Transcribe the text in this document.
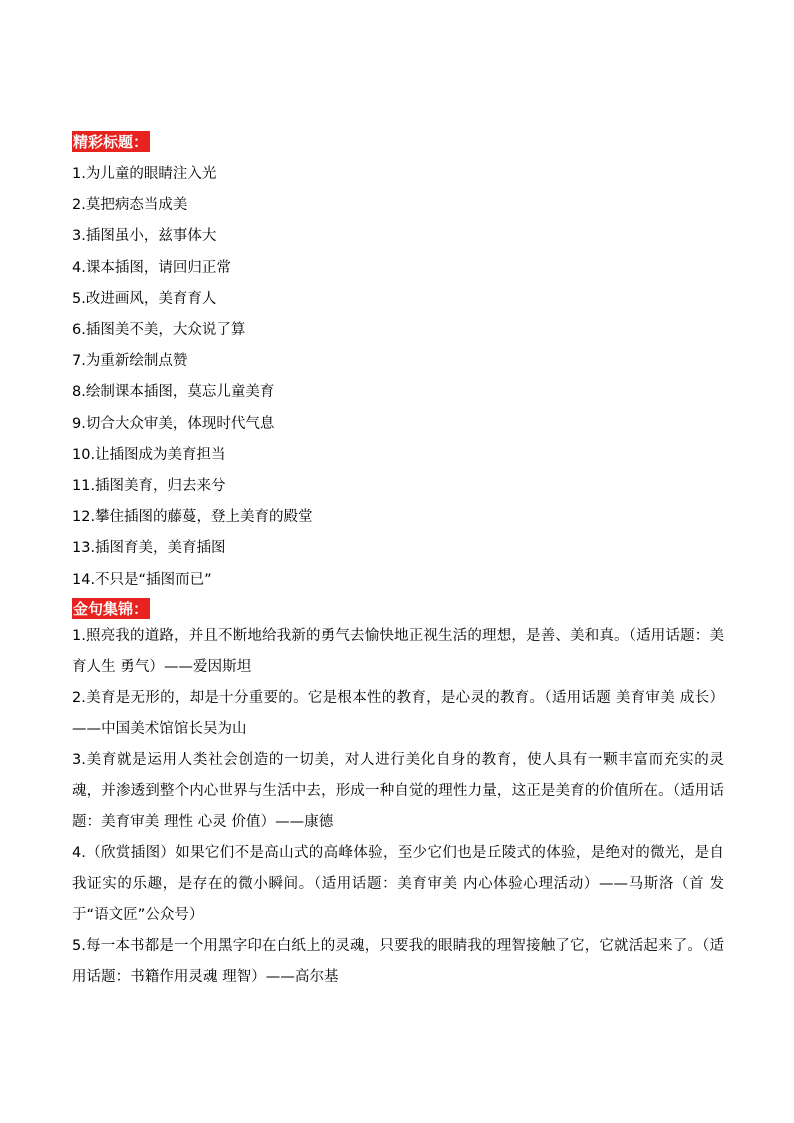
精彩标题：

1.为儿童的眼睛注入光

2.莫把病态当成美

3.插图虽小，兹事体大

4.课本插图，请回归正常

5.改进画风，美育育人

6.插图美不美，大众说了算

7.为重新绘制点赞

8.绘制课本插图，莫忘儿童美育

9.切合大众审美，体现时代气息

10.让插图成为美育担当

11.插图美育，归去来兮

12.攀住插图的藤蔓，登上美育的殿堂

13.插图育美，美育插图

14.不只是“插图而已”

金句集锦：

1.照亮我的道路，并且不断地给我新的勇气去愉快地正视生活的理想，是善、美和真。（适用话题：美育人生 勇气）——爱因斯坦

2.美育是无形的，却是十分重要的。它是根本性的教育，是心灵的教育。（适用话题 美育审美 成长）——中国美术馆馆长吴为山

3.美育就是运用人类社会创造的一切美，对人进行美化自身的教育，使人具有一颗丰富而充实的灵魂，并渗透到整个内心世界与生活中去，形成一种自觉的理性力量，这正是美育的价值所在。（适用话题：美育审美 理性 心灵 价值）——康德

4.（欣赏插图）如果它们不是高山式的高峰体验，至少它们也是丘陵式的体验，是绝对的微光，是自我证实的乐趣，是存在的微小瞬间。（适用话题：美育审美 内心体验心理活动）——马斯洛（首 发于“语文匠”公众号）

5.每一本书都是一个用黑字印在白纸上的灵魂，只要我的眼睛我的理智接触了它，它就活起来了。（适用话题：书籍作用灵魂 理智）——高尔基
